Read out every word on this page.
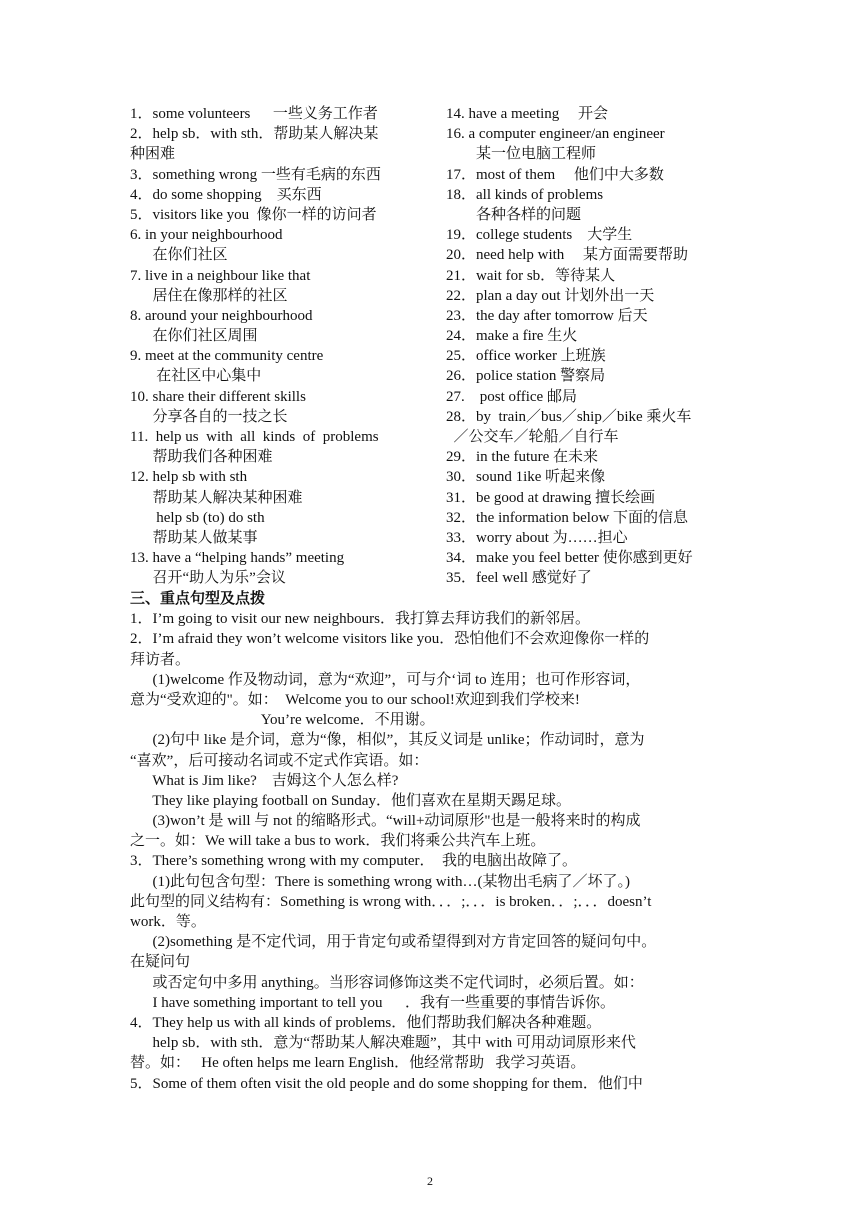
1．some volunteers      一些义务工作者
2．help sb．with sth．帮助某人解决某
种困难
3．something wrong 一些有毛病的东西
4．do some shopping    买东西
5．visitors like you  像你一样的访问者
6. in your neighbourhood
在你们社区
7. live in a neighbour like that
居住在像那样的社区
8. around your neighbourhood
在你们社区周围
9. meet at the community centre
在社区中心集中
10. share their different skills
分享各自的一技之长
11.  help us  with  all  kinds  of  problems
帮助我们各种困难
12. help sb with sth
帮助某人解决某种困难
help sb (to) do sth
帮助某人做某事
13. have a “helping hands” meeting
召开“助人为乐”会议
14. have a meeting     开会
16. a computer engineer/an engineer
某一位电脑工程师
17．most of them     他们中大多数
18．all kinds of problems
各种各样的问题
19．college students    大学生
20．need help with     某方面需要帮助
21．wait for sb．等待某人
22．plan a day out 计划外出一天
23．the day after tomorrow 后天
24．make a fire 生火
25．office worker 上班族
26．police station 警察局
27.    post office 邮局
28．by  train／bus／ship／bike 乘火车
／公交车／轮船／自行车
29．in the future 在未来
30．sound 1ike 听起来像
31．be good at drawing 擅长绘画
32．the information below 下面的信息
33．worry about 为……担心
34．make you feel better 使你感到更好
35．feel well 感觉好了
三、重点句型及点拨
1．I’m going to visit our new neighbours．我打算去拜访我们的新邻居。
2．I’m afraid they won’t welcome visitors like you．恐怕他们不会欢迎像你一样的
拜访者。
(1)welcome 作及物动词，意为“欢迎”，可与介‘词 to 连用；也可作形容词，
意为“受欢迎的"。如：  Welcome you to our school!欢迎到我们学校来!
You’re welcome．不用谢。
(2)句中 like 是介词，意为“像，相似”，其反义词是 unlike；作动词时，意为
“喜欢”，后可接动名词或不定式作宾语。如：
What is Jim like?    吉姆这个人怎么样?
They like playing football on Sunday．他们喜欢在星期天踢足球。
(3)won’t 是 will 与 not 的缩略形式。“will+动词原形"也是一般将来时的构成
之一。如：We will take a bus to work．我们将乘公共汽车上班。
3．There’s something wrong with my computer．  我的电脑出故障了。
(1)此句包含句型：There is something wrong with…(某物出毛病了／坏了。)
此句型的同义结构有：Something is wrong with．．．;．．．is broken．．;．．．doesn’t
work．等。
(2)something 是不定代词，用于肯定句或希望得到对方肯定回答的疑问句中。
在疑问句
或否定句中多用 anything。当形容词修饰这类不定代词时，必须后置。如：
I have something important to tell you      ．我有一些重要的事情告诉你。
4．They help us with all kinds of problems．他们帮助我们解决各种难题。
help sb．with sth．意为“帮助某人解决难题”，其中 with 可用动词原形来代
替。如：   He often helps me learn English．他经常帮助   我学习英语。
5．Some of them often visit the old people and do some shopping for them．他们中
2
